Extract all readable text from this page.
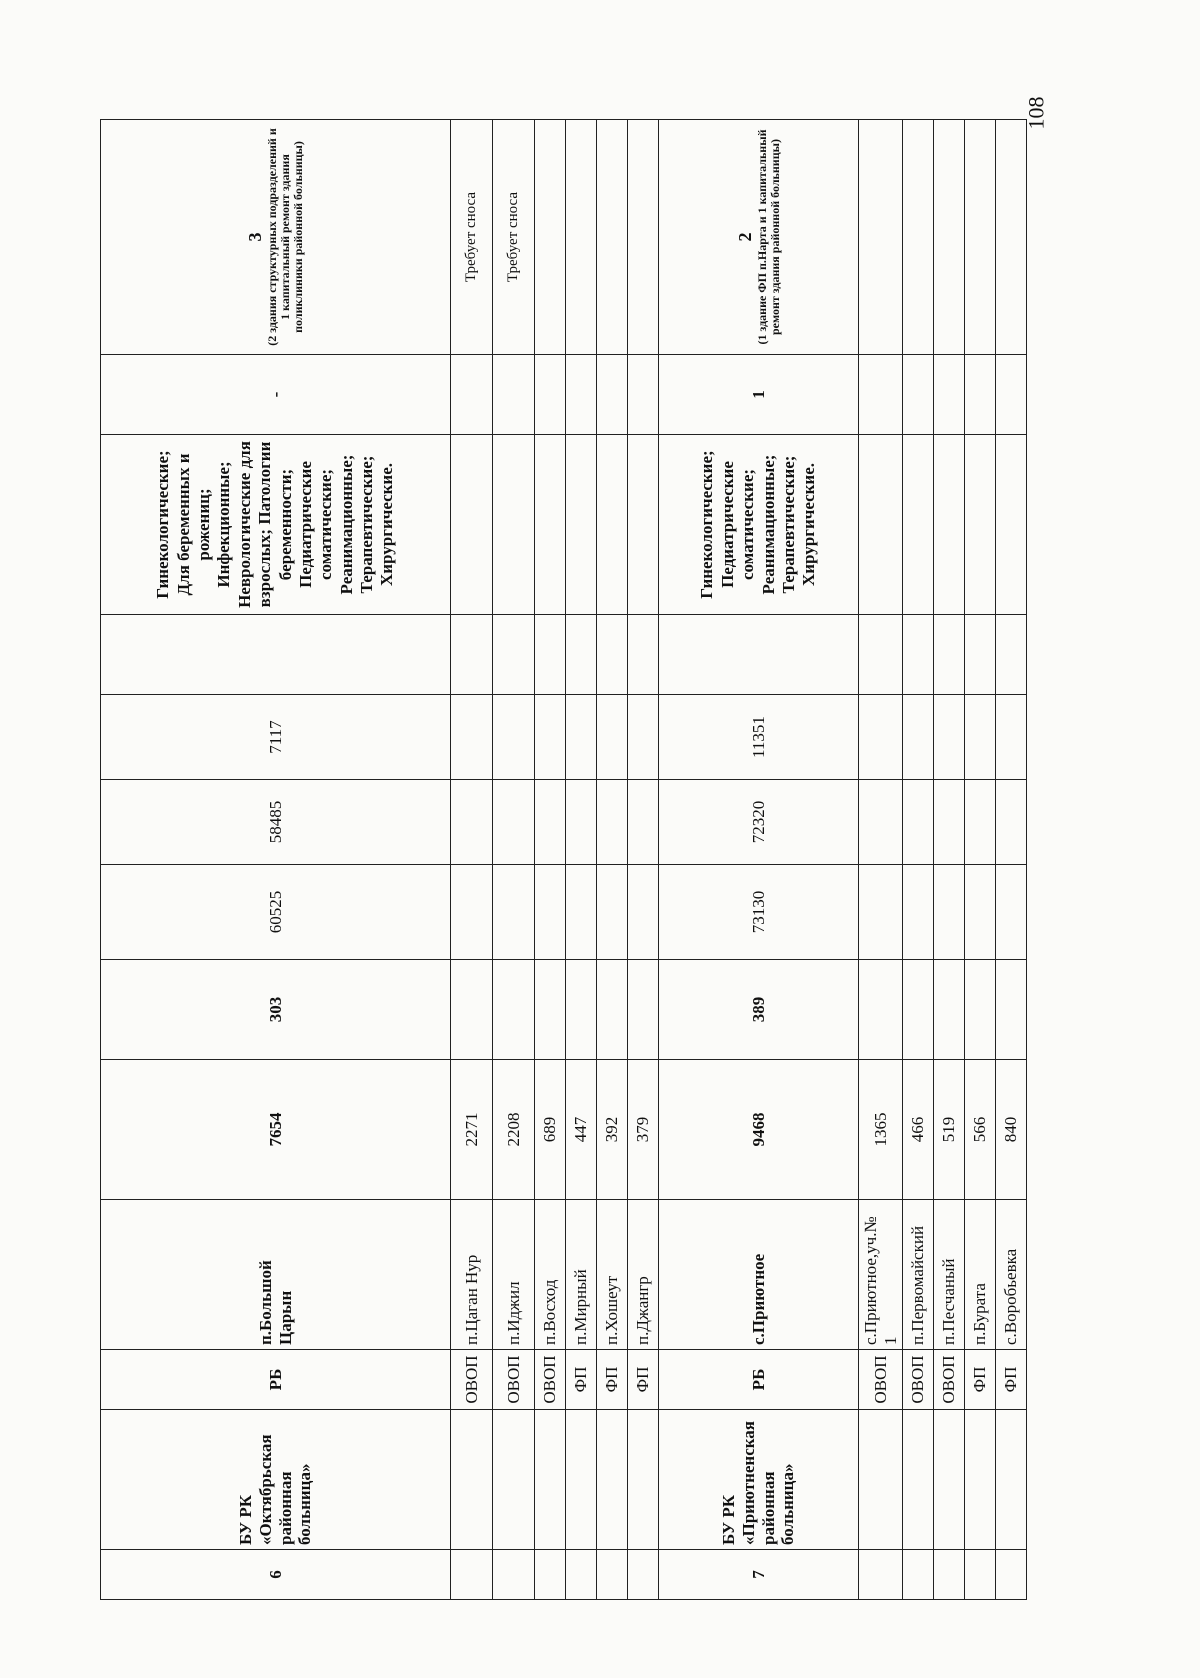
108
6	БУ РК «Октябрьская районная больница»	РБ	п.Большой Царын	7654	303	60525	58485	7117		Гинекологические; Для беременных и рожениц; Инфекционные; Неврологические для взрослых; Патологии беременности; Педиатрические соматические; Реанимационные; Терапевтические; Хирургические.	-	3 (2 здания структурных подразделений и 1 капитальный ремонт здания поликлиники районной больницы)

		ОВОП	п.Цаган Нур	2271								Требует сноса
		ОВОП	п.Иджил	2208								Требует сноса
		ОВОП	п.Восход	689								
		ФП	п.Мирный	447								
		ФП	п.Хошеут	392								
		ФП	п.Джангр	379								
7	БУ РК «Приютненская районная больница»	РБ	с.Приютное	9468	389	73130	72320	11351		Гинекологические; Педиатрические соматические; Реанимационные; Терапевтические; Хирургические.	1	2 (1 здание ФП п.Нарта и 1 капитальный ремонт здания районной больницы)

		ОВОП	с.Приютное,уч.№ 1	1365								
		ОВОП	п.Первомайский	466								
		ОВОП	п.Песчаный	519								
		ФП	п.Бурата	566								
		ФП	с.Воробьевка	840								
